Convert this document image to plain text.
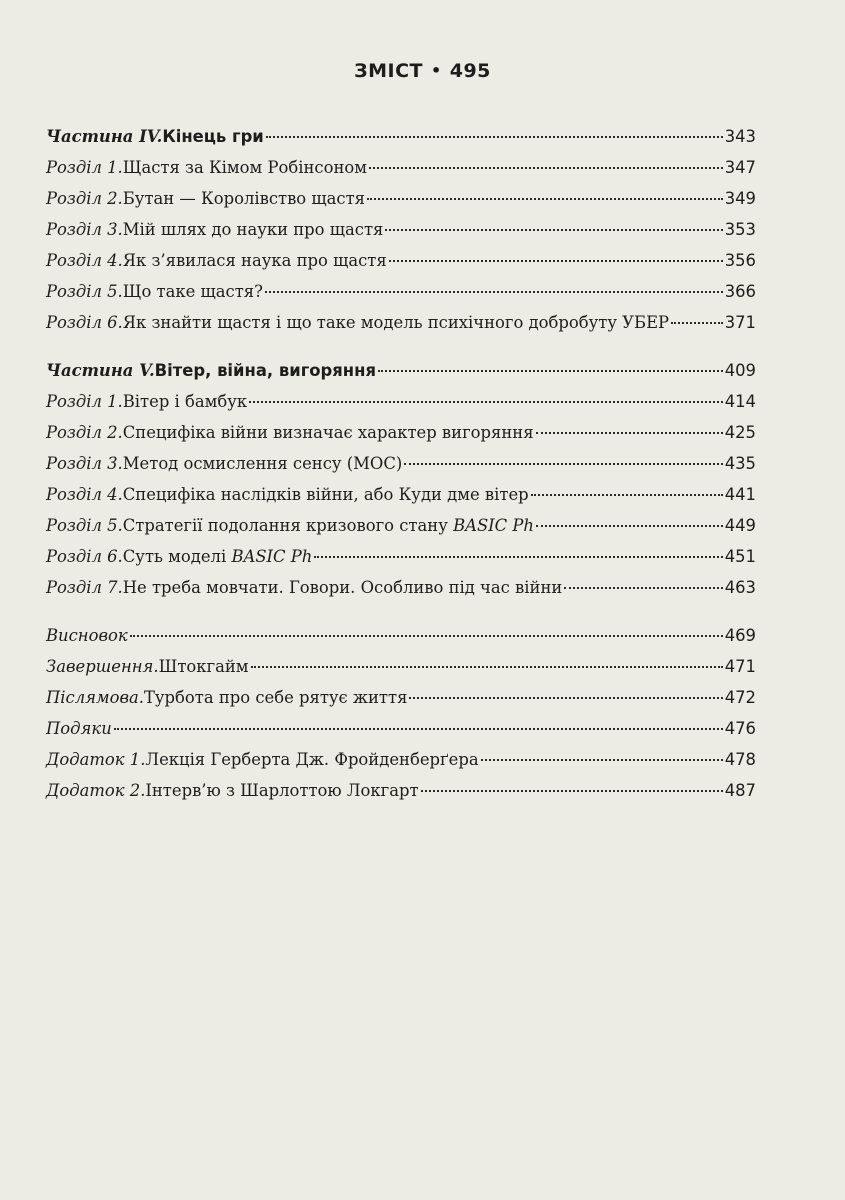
ЗМІСТ • 495
Частина IV. Кінець гри	343
Розділ 1. Щастя за Кімом Робінсоном	347
Розділ 2. Бутан — Королівство щастя	349
Розділ 3. Мій шлях до науки про щастя	353
Розділ 4. Як з’явилася наука про щастя	356
Розділ 5. Що таке щастя?	366
Розділ 6. Як знайти щастя і що таке модель психічного добробуту УБЕР	371
Частина V. Вітер, війна, вигоряння	409
Розділ 1. Вітер і бамбук	414
Розділ 2. Специфіка війни визначає характер вигоряння	425
Розділ 3. Метод осмислення сенсу (МОС)	435
Розділ 4. Специфіка наслідків війни, або Куди дме вітер	441
Розділ 5. Стратегії подолання кризового стану BASIC Ph	449
Розділ 6. Суть моделі BASIC Ph	451
Розділ 7. Не треба мовчати. Говори. Особливо під час війни	463
Висновок	469
Завершення. Штокгайм	471
Післямова. Турбота про себе рятує життя	472
Подяки	476
Додаток 1. Лекція Герберта Дж. Фройденберґера	478
Додаток 2. Інтерв’ю з Шарлоттою Локгарт	487
